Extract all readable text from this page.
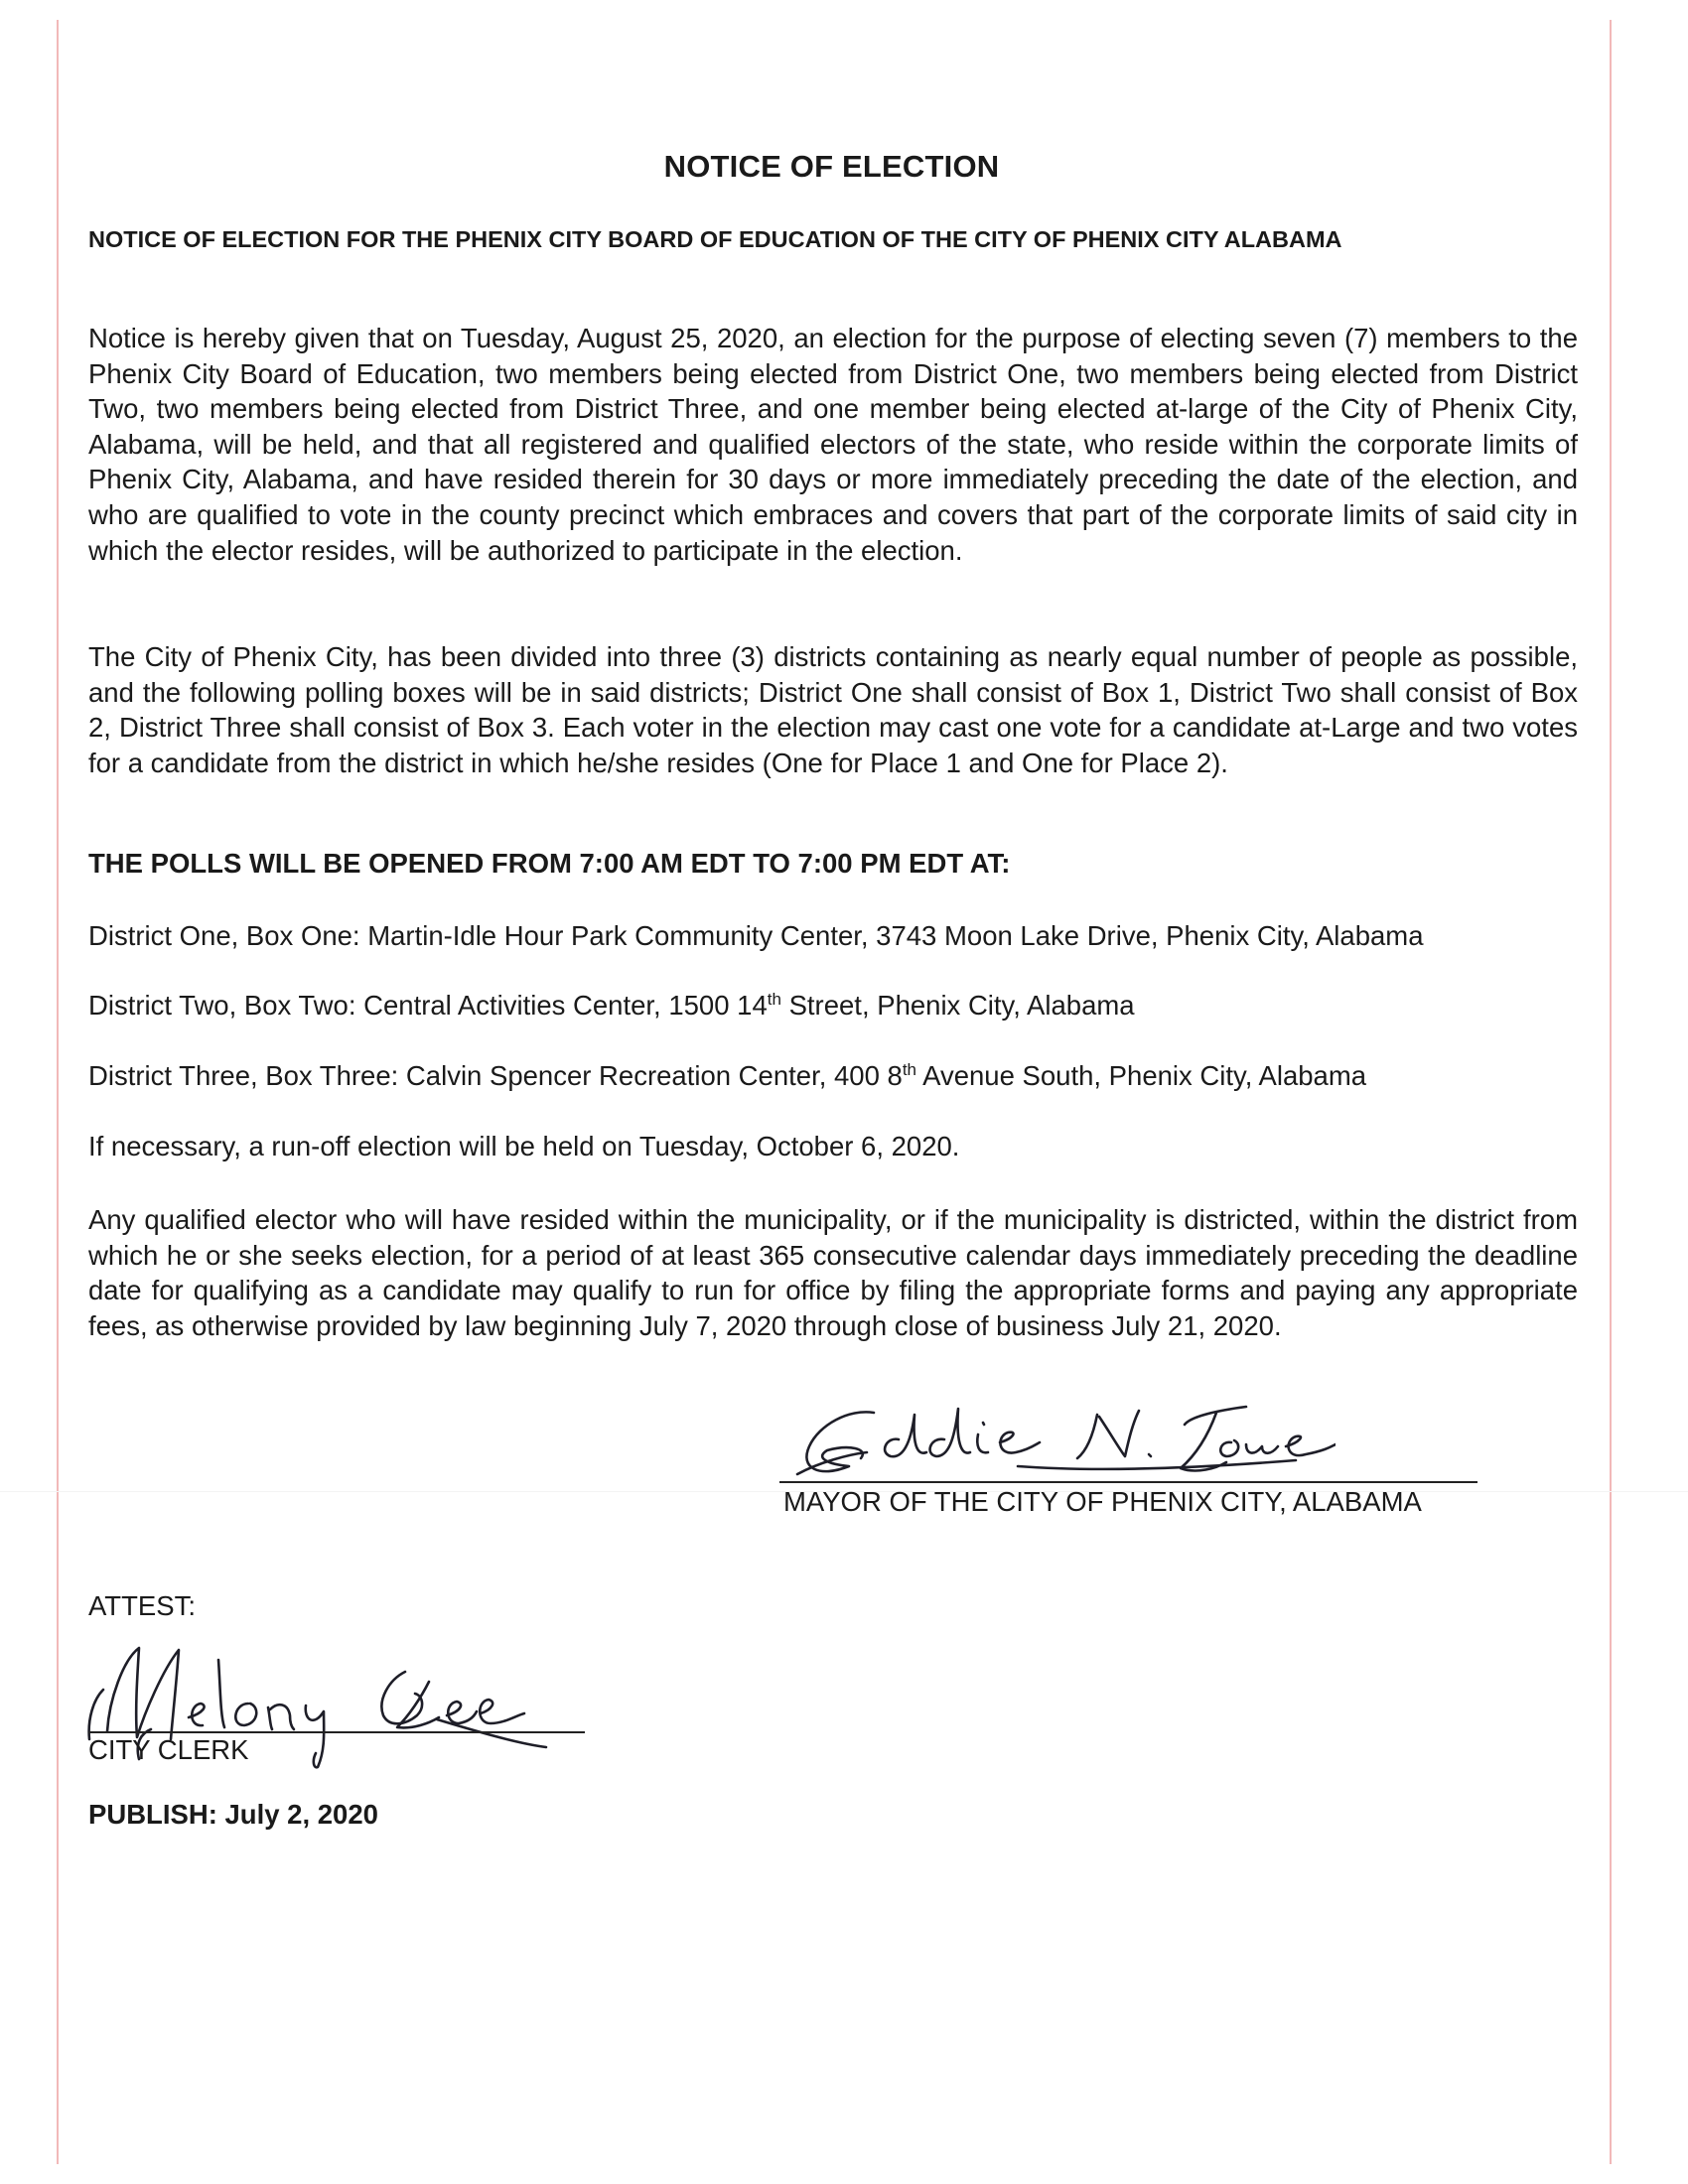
NOTICE OF ELECTION
NOTICE OF ELECTION FOR THE PHENIX CITY BOARD OF EDUCATION OF THE CITY OF PHENIX CITY ALABAMA

Notice is hereby given that on Tuesday, August 25, 2020, an election for the purpose of electing seven (7) members to the Phenix City Board of Education, two members being elected from District One, two members being elected from District Two, two members being elected from District Three, and one member being elected at-large of the City of Phenix City, Alabama, will be held, and that all registered and qualified electors of the state, who reside within the corporate limits of Phenix City, Alabama, and have resided therein for 30 days or more immediately preceding the date of the election, and who are qualified to vote in the county precinct which embraces and covers that part of the corporate limits of said city in which the elector resides, will be authorized to participate in the election.

The City of Phenix City, has been divided into three (3) districts containing as nearly equal number of people as possible, and the following polling boxes will be in said districts; District One shall consist of Box 1, District Two shall consist of Box 2, District Three shall consist of Box 3. Each voter in the election may cast one vote for a candidate at-Large and two votes for a candidate from the district in which he/she resides (One for Place 1 and One for Place 2).

THE POLLS WILL BE OPENED FROM 7:00 AM EDT TO 7:00 PM EDT AT:

District One, Box One: Martin-Idle Hour Park Community Center, 3743 Moon Lake Drive, Phenix City, Alabama

District Two, Box Two: Central Activities Center, 1500 14th Street, Phenix City, Alabama

District Three, Box Three: Calvin Spencer Recreation Center, 400 8th Avenue South, Phenix City, Alabama

If necessary, a run-off election will be held on Tuesday, October 6, 2020.

Any qualified elector who will have resided within the municipality, or if the municipality is districted, within the district from which he or she seeks election, for a period of at least 365 consecutive calendar days immediately preceding the deadline date for qualifying as a candidate may qualify to run for office by filing the appropriate forms and paying any appropriate fees, as otherwise provided by law beginning July 7, 2020 through close of business July 21, 2020.

MAYOR OF THE CITY OF PHENIX CITY, ALABAMA
ATTEST:
CITY CLERK
PUBLISH: July 2, 2020
